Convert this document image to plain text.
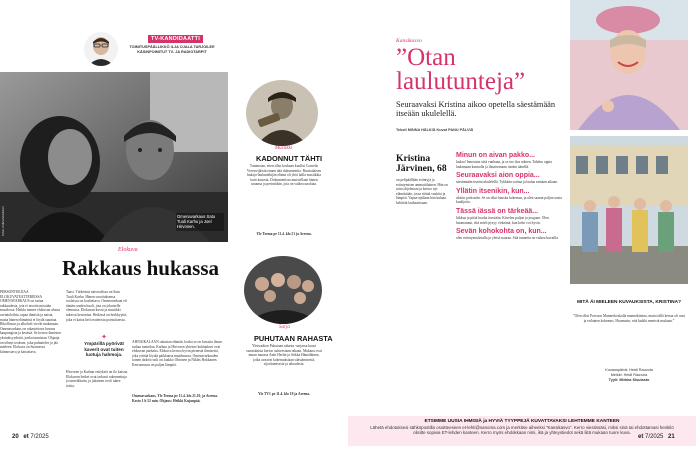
TV-KANDIDAATTI
TOIMITUSPÄÄLLIKKÖ ILJA OJALA TARJOILEE KÄSINPOIMITUT TV- JA RADIOTARPIT
Omenavarkaus Satu Tuuli Karhu ja Joel Hirvonen.
KUVA: OMENAVARKAUS
Elokuva
Rakkaus hukassa
PERSONTEKIJÄÄ ELOKUVATEATTEREISSA OMENAVARKAUS on tarina rakkaudesta, jota ei tavoita missään muodossa. Heikki menee elokuvan alussa ravintoloihin, tapaa ihmisiä ja naisia, mutta hänen elämänsä ei löydä suuntaa. Rikollisuus ja alkoholi vievät mukanaan. Omenavarkaus on rakastettava kuvaus kaupungista ja kesästä. Se kertoo ihmisten yksinäisyydestä, jonka tunnistaa. Ohjaaja on tehnyt teoksen, joka puhuttelee ja jää mieleen. Elokuva on Suomessa kiinnostava ja katsottava.
Taavi. Tärkeässä naisroolissa on Satu Tuuli Karhu. Hänen suorituksensa rooleissa on koskettava. Omenavarkaat eli tämän rouden huoli, jota on jokaiselle olemassa. Elokuvan kuvat ja musiikki tukevat kerrontaa. Hetkissä on herkkyyttä, joka ei katoa heti teatterista poistuttaessa.
✦
Ympärillä pyörivät kaverit ovat tuiten luotuja hahmoja.
Hirvosen ja Karhun esityksiä on ilo katsoa. Elokuvan hetket ovat tarkasti rakennettuja ja tunteikkaita, ja jokainen rooli tukee toista.
AHNAIKALAAN rakastaa elämää, koska se on kuvattu ilman turhaa tunteilua. Karhun ja Hirvosen yhteiset kohtaukset ovat elokuvan parhaita. Elokuva kertoo hyvin pienestä ihmisestä, joka yrittää löytää paikkansa maailmassa. Omenavarkauden toinen tärkeä rooli on Jaakko Ohtonen ja Niklas Hokkanen. Kerronnassa on paljon lämpöä.
Omenavarkaus, Yle Teema pe 11.4. klo 21.10, ja Areena. Kesto 1 h 52 min. Ohjaus: Heikki Kujanpää.
Musiikki
KADONNUT TÄHTI
Tunnustan, etten ollut koskaan kuullut Cornelis Vreeswijkistä ennen tätä dokumenttia. Ruotsalaisen laulaja-lauluntekijän elämä oli yhtä lailla musiikkia kuin kaaosta. Dokumentissa muistellaan hänen uraansa ja perintöään, jota on vaikea unohtaa.
Yle Teema pe 11.4. klo 21 ja Areena.
Sarja
PUHUTAAN RAHASTA
Yleisradion Puhutaan rahasta -sarjassa kuusi suomalaista kertoo suhteestaan rahaan. Mukana ovat muun muassa Antti Herlin ja Sirkka Hämäläinen, jotka avaavat kokemuksiaan säästämisestä, sijoittamisesta ja taloudesta.
Yle TV1 pe 11.4. klo 19 ja Areena.
20 et 7/2025
Kansikasvo
”Otan laulutunteja”
Seuraavaksi Kristina aikoo opetella säestämään itseään ukulelellä.
Teksti MINNA HÄLKIÄ Kuvat PANU PÄLVIÄ
Kristina Järvinen, 68
on pelipäällään esiintyjä ja esiintymisen ammattilainen. Hän on tuttu ohjelmista ja kertoo nyt elämästään, jossa riittää vauhtia ja lämpöä. Vapaa-ajallaan hän haluaa kehittää laulutaitoaan.
Minun on aivan pakko...
laulaa! Innostuin siitä vanhana, ja se tuo iloa arkeen. Tahdon oppia laulamaan kunnolla ja ilmaisemaan itseäni äänellä.
Seuraavaksi aion oppia...
säestämään itseäni ukulelellä. Tykkään soittaa ja laulaa samaan aikaan.
Yllätin itsenikin, kun...
aloitin podcastin. Se on ollut hauska kokemus, ja olen saanut paljon uusia kuulijoita.
Tässä iässä on tärkeää...
liikkua ja pitää huolta itsestään. Kävelen paljon ja joogaan. Olen huomannut, että mieli pysyy virkeänä, kun keho voi hyvin.
Sevän kohokohta on, kun...
olen esiintymislavalla ja yleisö nauraa. Sitä tunnetta on vaikea kuvailla.
MITÄ ÄI MIELEEN KUVAUKSISTA, KRISTINA?
”Olen ollut Porvoon Mannerkoskalla mannekiinina, mutta tällä kertaa oli uusi ja erilainen kokemus. Huomasin, että kaikki menivät mukaan.”
Kuvauspäivä: Heidi Rauvola
Meikki: Heidi Rauvola
Tyyli: Mirkka Sisulasto
ETSIMME UUSIA IHMISIÄ ja HYVIÄ TYYPPEJÄ KUVATTAVAKSI LEHTEMME KANTEEN
Lähetä ehdotuksesi sähköpostilla osoitteeseen et-lehti@sanoma.com ja merkitse aiheeksi ”Kansikasvo”. Kerro viestissäsi, miksi sinä tai ehdottamasi henkilö olisitte sopivia ET-lehden kanteen. Kerro myös ehdokkaan nimi, ikä ja yhteystiedot sekä liitä mukaan tuore kuva.
et 7/2025 21
